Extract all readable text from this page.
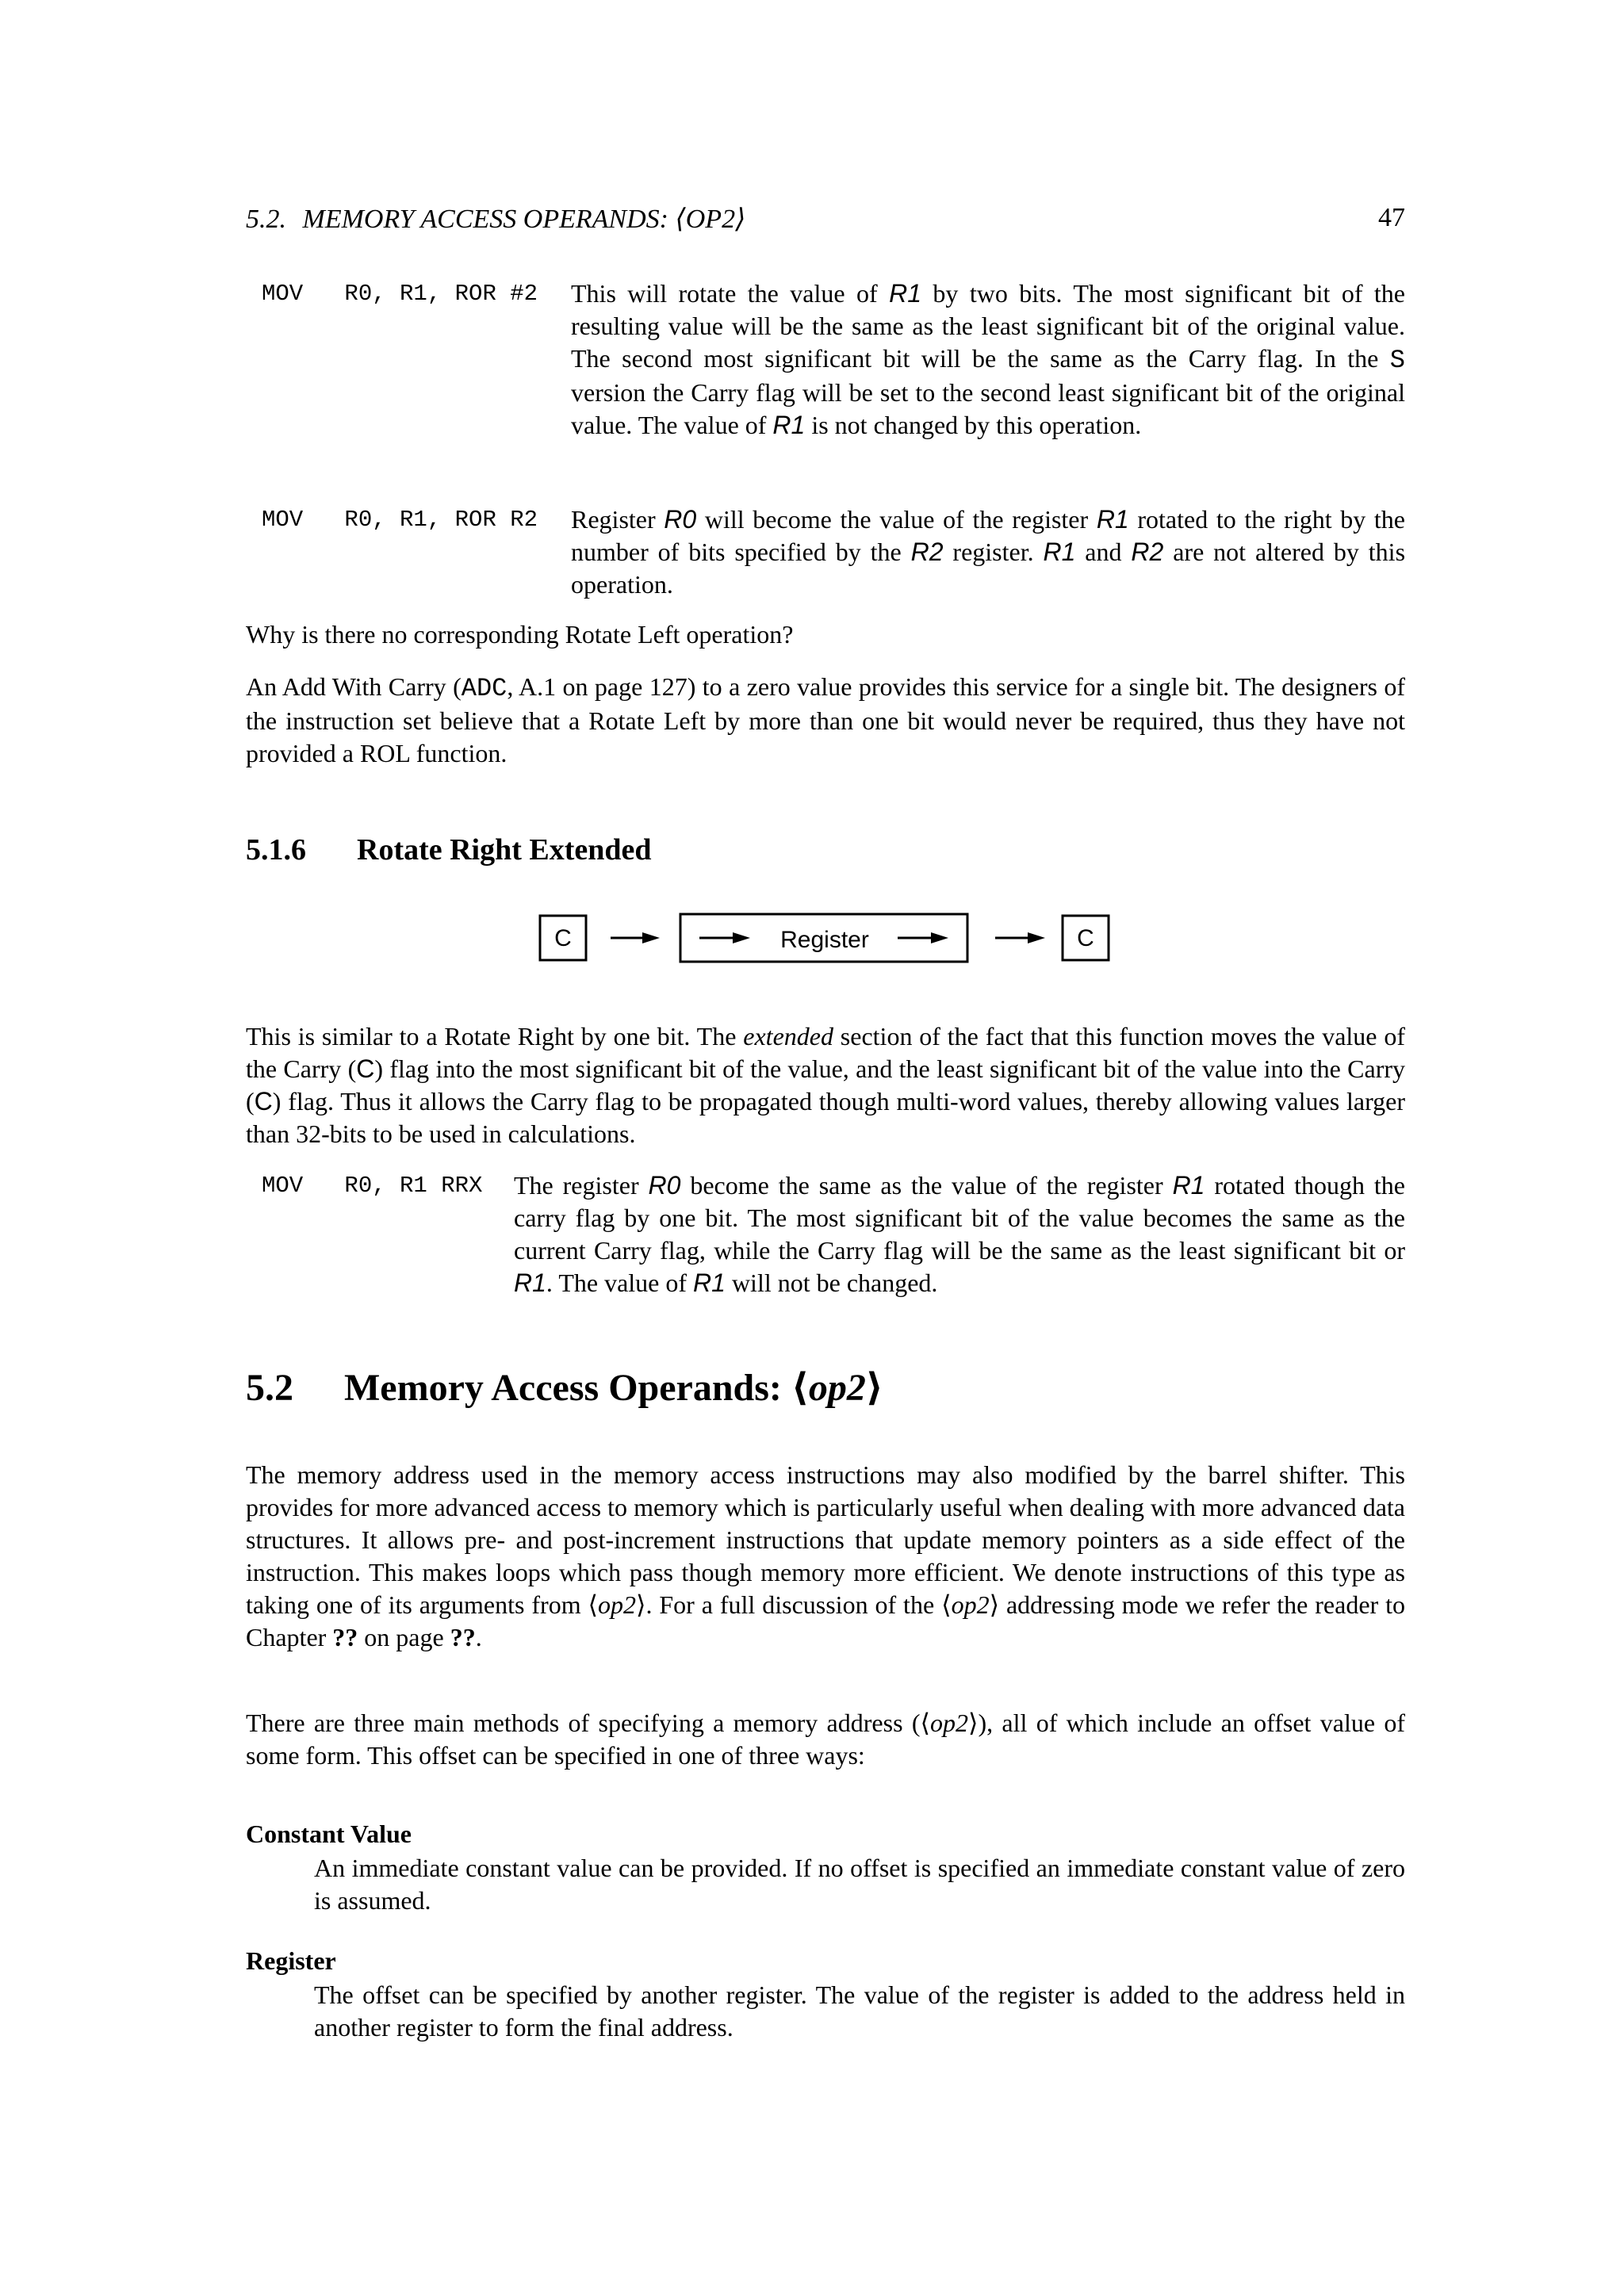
5.2. MEMORY ACCESS OPERANDS: ⟨OP2⟩	47
MOV   R0, R1, ROR #2 This will rotate the value of R1 by two bits. The most significant bit of the resulting value will be the same as the least significant bit of the original value. The second most significant bit will be the same as the Carry flag. In the S version the Carry flag will be set to the second least significant bit of the original value. The value of R1 is not changed by this operation.

MOV   R0, R1, ROR R2 Register R0 will become the value of the register R1 rotated to the right by the number of bits specified by the R2 register. R1 and R2 are not altered by this operation.

Why is there no corresponding Rotate Left operation?

An Add With Carry (ADC, A.1 on page 127) to a zero value provides this service for a single bit. The designers of the instruction set believe that a Rotate Left by more than one bit would never be required, thus they have not provided a ROL function.

5.1.6 Rotate Right Extended
C	Register	C

This is similar to a Rotate Right by one bit. The extended section of the fact that this function moves the value of the Carry (C) flag into the most significant bit of the value, and the least significant bit of the value into the Carry (C) flag. Thus it allows the Carry flag to be propagated though multi-word values, thereby allowing values larger than 32-bits to be used in calculations.

MOV   R0, R1 RRX The register R0 become the same as the value of the register R1 rotated though the carry flag by one bit. The most significant bit of the value becomes the same as the current Carry flag, while the Carry flag will be the same as the least significant bit or R1. The value of R1 will not be changed.

5.2 Memory Access Operands: ⟨op2⟩

The memory address used in the memory access instructions may also modified by the barrel shifter. This provides for more advanced access to memory which is particularly useful when dealing with more advanced data structures. It allows pre- and post-increment instructions that update memory pointers as a side effect of the instruction. This makes loops which pass though memory more efficient. We denote instructions of this type as taking one of its arguments from ⟨op2⟩. For a full discussion of the ⟨op2⟩ addressing mode we refer the reader to Chapter ?? on page ??.

There are three main methods of specifying a memory address (⟨op2⟩), all of which include an offset value of some form. This offset can be specified in one of three ways:

Constant Value

An immediate constant value can be provided. If no offset is specified an immediate constant value of zero is assumed.

Register

The offset can be specified by another register. The value of the register is added to the address held in another register to form the final address.
